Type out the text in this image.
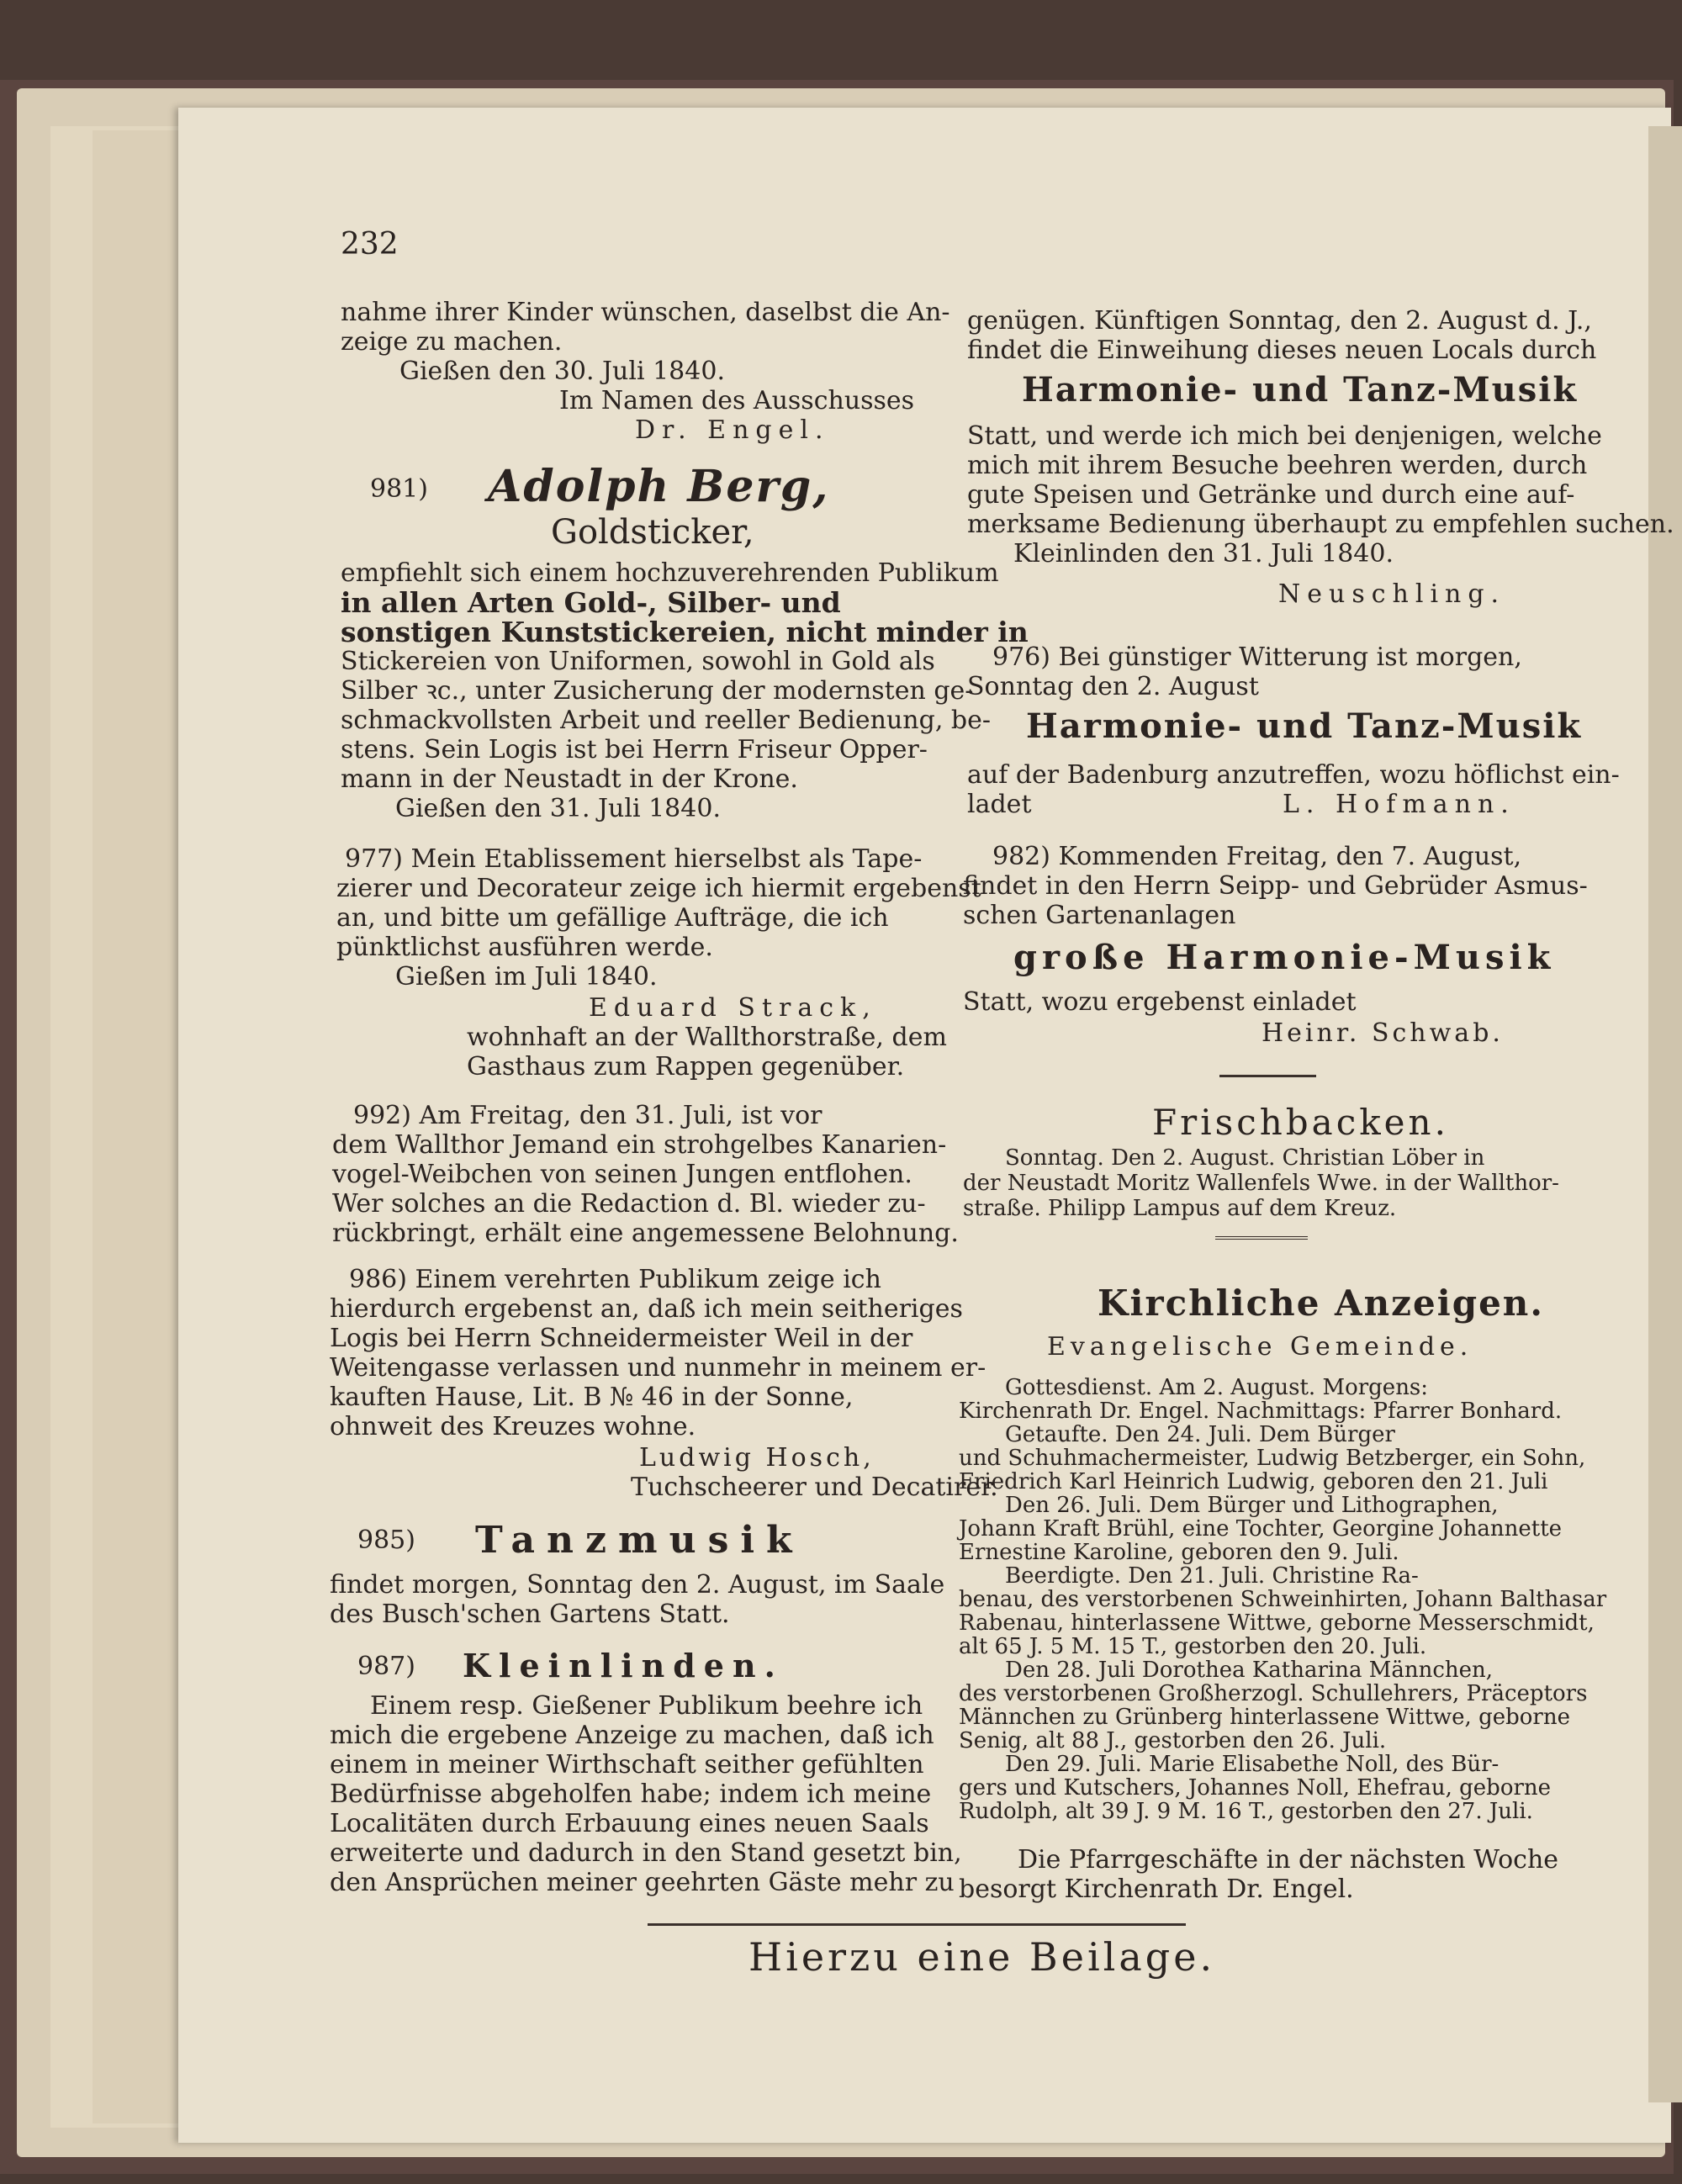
232
nahme ihrer Kinder wünschen, daselbst die An-
zeige zu machen.
Gießen den 30. Juli 1840.
Im Namen des Ausschusses
Dr. Engel.
981) Adolph Berg,
Goldsticker,
empfiehlt sich einem hochzuverehrenden Publikum
in allen Arten Gold-, Silber- und
sonstigen Kunststickereien, nicht minder in
Stickereien von Uniformen, sowohl in Gold als
Silber ꝛc., unter Zusicherung der modernsten ge-
schmackvollsten Arbeit und reeller Bedienung, be-
stens. Sein Logis ist bei Herrn Friseur Opper-
mann in der Neustadt in der Krone.
Gießen den 31. Juli 1840.
977) Mein Etablissement hierselbst als Tape-
zierer und Decorateur zeige ich hiermit ergebenst
an, und bitte um gefällige Aufträge, die ich
pünktlichst ausführen werde.
Gießen im Juli 1840.
Eduard Strack,
wohnhaft an der Wallthorstraße, dem
Gasthaus zum Rappen gegenüber.
992) Am Freitag, den 31. Juli, ist vor
dem Wallthor Jemand ein strohgelbes Kanarien-
vogel-Weibchen von seinen Jungen entflohen.
Wer solches an die Redaction d. Bl. wieder zu-
rückbringt, erhält eine angemessene Belohnung.
986) Einem verehrten Publikum zeige ich
hierdurch ergebenst an, daß ich mein seitheriges
Logis bei Herrn Schneidermeister Weil in der
Weitengasse verlassen und nunmehr in meinem er-
kauften Hause, Lit. B № 46 in der Sonne,
ohnweit des Kreuzes wohne.
Ludwig Hosch,
Tuchscheerer und Decatirer.
985) Tanzmusik
findet morgen, Sonntag den 2. August, im Saale
des Busch'schen Gartens Statt.
987) Kleinlinden.
Einem resp. Gießener Publikum beehre ich
mich die ergebene Anzeige zu machen, daß ich
einem in meiner Wirthschaft seither gefühlten
Bedürfnisse abgeholfen habe; indem ich meine
Localitäten durch Erbauung eines neuen Saals
erweiterte und dadurch in den Stand gesetzt bin,
den Ansprüchen meiner geehrten Gäste mehr zu
genügen. Künftigen Sonntag, den 2. August d. J.,
findet die Einweihung dieses neuen Locals durch
Harmonie- und Tanz-Musik
Statt, und werde ich mich bei denjenigen, welche
mich mit ihrem Besuche beehren werden, durch
gute Speisen und Getränke und durch eine auf-
merksame Bedienung überhaupt zu empfehlen suchen.
Kleinlinden den 31. Juli 1840.
Neuschling.
976) Bei günstiger Witterung ist morgen,
Sonntag den 2. August
Harmonie- und Tanz-Musik
auf der Badenburg anzutreffen, wozu höflichst ein-
ladet	L. Hofmann.
982) Kommenden Freitag, den 7. August,
findet in den Herrn Seipp- und Gebrüder Asmus-
schen Gartenanlagen
große Harmonie-Musik
Statt, wozu ergebenst einladet
Heinr. Schwab.
Frischbacken.
Sonntag. Den 2. August. Christian Löber in
der Neustadt Moritz Wallenfels Wwe. in der Wallthor-
straße. Philipp Lampus auf dem Kreuz.
Kirchliche Anzeigen.
Evangelische Gemeinde.
Gottesdienst. Am 2. August. Morgens:
Kirchenrath Dr. Engel. Nachmittags: Pfarrer Bonhard.
Getaufte. Den 24. Juli. Dem Bürger
und Schuhmachermeister, Ludwig Betzberger, ein Sohn,
Friedrich Karl Heinrich Ludwig, geboren den 21. Juli
Den 26. Juli. Dem Bürger und Lithographen,
Johann Kraft Brühl, eine Tochter, Georgine Johannette
Ernestine Karoline, geboren den 9. Juli.
Beerdigte. Den 21. Juli. Christine Ra-
benau, des verstorbenen Schweinhirten, Johann Balthasar
Rabenau, hinterlassene Wittwe, geborne Messerschmidt,
alt 65 J. 5 M. 15 T., gestorben den 20. Juli.
Den 28. Juli Dorothea Katharina Männchen,
des verstorbenen Großherzogl. Schullehrers, Präceptors
Männchen zu Grünberg hinterlassene Wittwe, geborne
Senig, alt 88 J., gestorben den 26. Juli.
Den 29. Juli. Marie Elisabethe Noll, des Bür-
gers und Kutschers, Johannes Noll, Ehefrau, geborne
Rudolph, alt 39 J. 9 M. 16 T., gestorben den 27. Juli.
Die Pfarrgeschäfte in der nächsten Woche
besorgt Kirchenrath Dr. Engel.
Hierzu eine Beilage.
